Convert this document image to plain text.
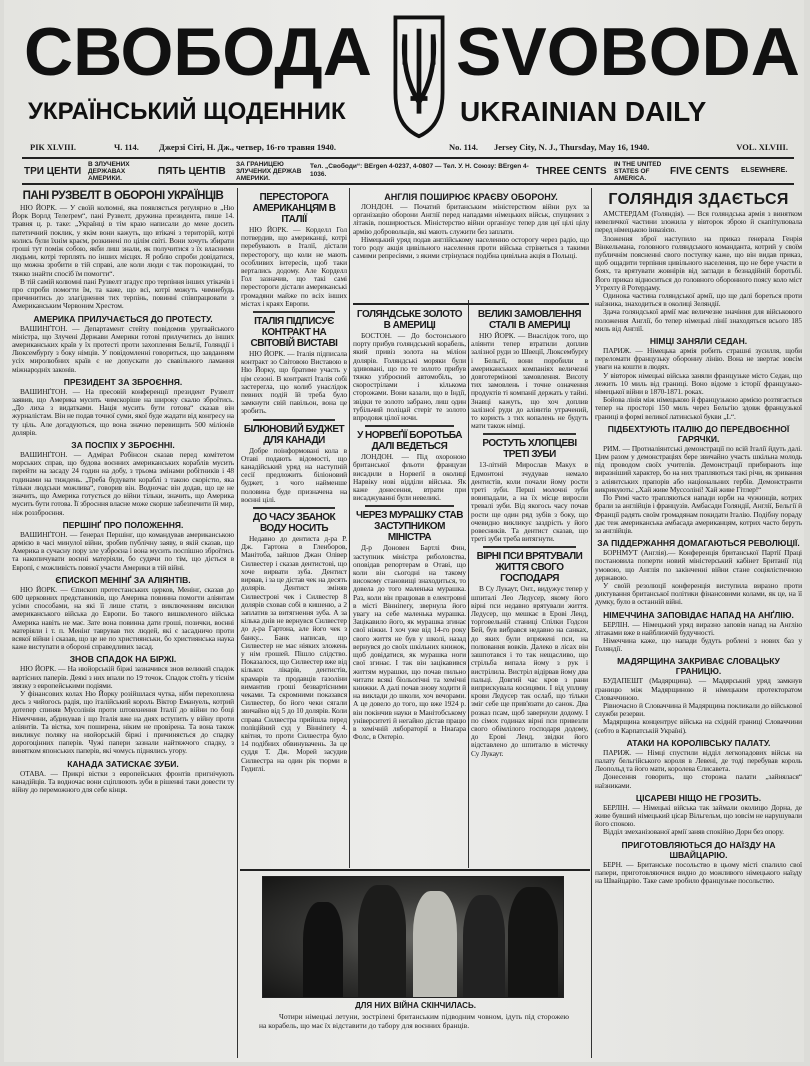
СВОБОДА SVOBODA
УКРАЇНСЬКИЙ ЩОДЕННИК	UKRAINIAN DAILY
РІК XLVIII.	Ч. 114. Джерзі Сіті, Н. Дж., четвер, 16-го травня 1940.	No. 114. Jersey City, N. J., Thursday, May 16, 1940.	VOL. XLVIII.
ТРИ ЦЕНТИ
В ЗЛУЧЕНИХ ДЕРЖАВАХ АМЕРИКИ.
ПЯТЬ ЦЕНТІВ
ЗА ГРАНИЦЕЮ ЗЛУЧЕНИХ ДЕРЖАВ АМЕРИКИ.
Тел. „Свободи“: BErgen 4-0237, 4-0807 — Тел. У. Н. Союзу: BErgen 4-1036.	THREE CENTS
IN THE UNITED STATES OF AMERICA.
FIVE CENTS ELSEWHERE.
ПАНІ РУЗВЕЛТ В ОБОРОНІ УКРАЇНЦІВ

НЮ ЙОРК. — У своїй колюмні, яка появляється реґулярно в „Ню Йорк Ворлд Телеґрем“, пані Рузвелт, дружина президента, пише 14. травня ц. р. таке: „Українці в тім краю написали до мене досить патетичний поклик, у якім вони кажуть, що втікачі з територій, котрі колись були їхнім краєм, розкинені по цілім світі. Вони хочуть збирати гроші тут поміж собою, якби лиш знали, як получитися з їх власними людьми, котрі терплять по інших місцях. Я роблю спроби довідатися, що можна зробити в тій справі, але коли люди є так порозкидані, то тяжко знайти спосіб їм помогти“.

В тій самій колюмні пані Рузвелт згадує про терпіння інших утікачів і про спроби помогти їм, та каже, що всі, котрі можуть чимнебудь причинитись до злагіднення тих терпінь, повинні співпрацювати з Американським Червоним Хрестом.

АМЕРИКА ПРИЛУЧАЄТЬСЯ ДО ПРОТЕСТУ.

ВАШИНҐТОН. — Департамент стейту повідомив уругвайського міністра, що Злучені Держави Америки готові прилучитись до інших американських країв у їх протесті проти захоплення Бельгії, Голяндії і Люксембурґу з боку німців. У повідомленні говориться, що завданням усіх миролюбних країв є не допускати до свавільного ламання міжнародніх законів.

ПРЕЗИДЕНТ ЗА ЗБРОЄННЯ.

ВАШИНҐТОН. — На пресовій конференції президент Рузвелт заявив, що Америка мусить чимскоріше на широку скалю зброїтись. „До лиха з видатками. Нація мусить бути готова“ сказав він журналістам. Він не подав точної суми, якої буде жадати від конґресу на ту ціль. Але догадуються, що вона значно перевищить 500 міліонів долярів.

ЗА ПОСПІХ У ЗБРОЄННІ.

ВАШИНҐТОН. — Адмірал Робінсон сказав перед комітетом морських справ, що будова воєнних американських кораблів мусить перейти на засаду 24 годин на добу, з трьома змінами робітників і 48 годинами на тиждень. „Треба будувати кораблі з такою скорістю, яка тільки людськи можлива“, говорив він. Водночас він додав, що це не значить, що Америка готується до війни тільки, значить, що Америка мусить бути готова. Її збросння власне може скорше забезпечити їй мир, ніж роззброєння.

ПЕРШІНҐ ПРО ПОЛОЖЕННЯ.

ВАШИНҐТОН. — Ґенерал Першінґ, що командував американською армією в часі минулої війни, зробив публічну заяву, в якій сказав, що Америка в сучасну пору зле узброєна і вона мусить поспішно зброїтись та накопичувати воєнні матеріяли, бо судячи по тім, що діється в Европі, є можливість повної участи Америки в тій війні.

ЄПИСКОП МЕНІНҐ ЗА АЛІЯНТІВ.

НЮ ЙОРК. — Єпископ протестанських церков, Менінґ, сказав до 600 церковних представників, що Америка повинна помогти аліянтам усіми способами, на які її лише стати, з виключенням висилки американського війська до Европи. Бо такого вишколеного війська Америка навіть не має. Зате вона повинна дати гроші, позички, воєнні матеріяли і т. п. Менінґ таврував тих людей, які є засадничо проти всякої війни і сказав, що це не по християнськи, бо християнська наука каже виступати в обороні справедливих засад.

ЗНОВ СПАДОК НА БІРЖІ.

НЮ ЙОРК. — На нюйорській біржі зазначився знов великий спадок вартісних паперів. Деякі з них впали по 19 точок. Спадок стоїть у тіснім звязку з европейськими подіями.

У фінансових колах Ню Йорку розійшлася чутка, нібм перехоплена десь з чийогось радія, що італійський король Віктор Емануель, котрий дотепер спиняв Мусолінія проти штовхнення Італії до війни по боці Німеччини, абдикував і що Італія вже на днях вступить у війну проти аліянтів. Та вістка, хоч поширена, ніким не провірена. Та вона також викликує поляку на нюйорській біржі і причиняється до спадку дорогоцінних паперів. Чужі папери зазнали найтяжчого спадку, з винятком японських паперів, які чомусь піднялись угору.

КАНАДА ЗАТИСКАЄ ЗУБИ.

ОТАВА. — Прикрі вістки з европейських фронтів пригнічують канадійців. Та водночас вони сціплюють зуби в рішенні таки довести ту війну до переможного для себе кінця.

ПЕРЕСТОРОГА АМЕРИКАНЦЯМ В ІТАЛІЇ

НЮ ЙОРК. — Корделл Гол потвердив, що американці, котрі перебувають в Італії, дістали пересторогу, що коли не мають особливих інтересів, щоб таки вертались додому. Але Корделл Гол зазначив, що такі самі перестороги дістали американські громадяни майже по всіх інших містах і краях Европи.

ІТАЛІЯ ПІДПИСУЄ КОНТРАКТ НА СВІТОВІЙ ВИСТАВІ

НЮ ЙОРК. — Італія підписала контракт зо Світовою Виставою в Ню Йорку, що братиме участь у цім сезоні. В контракті Італія собі застерегла, що колиб унаслідок певних подій їй треба було замкнути свій павільон, вона це зробить.

БІЛЮНОВИЙ БУДЖЕТ ДЛЯ КАНАДИ

Добре поінформовані кола в Отаві подають відомості, що канадійський уряд на наступній сесії предложить біліоновий буджет, з чого найменше половина буде призначена на воєнні цілі.

ДО ЧАСУ ЗБАНОК ВОДУ НОСИТЬ

Недавно до дентиста д-ра Р. Дж. Гартона в Гленборов, Манітоба, зайшов Джан Олівер Силвестер і сказав дентистові, що хоче вирвати зуба. Дентист вирвав, і за це дістав чек на десять долярів. Дентист зміняв Силвестрові чек і Силвестер 8 долярів сховав собі в кишеню, а 2 заплатив за витягнення зуба. А за кілька днів не вернувся Силвестер до д-ра Гартона, але його чек з банку... Банк написав, що Силвестер не має ніяких зложень у нім грошей. Пішло слідство. Показалося, що Силвестер вже від кількох лікарів, дентистів, крамарів та продавців газоліни вимантив гроші безвартісними чеками. Та скромними показався Силвестер, бо його чеки сягали звичайно від 5 до 10 долярів. Коли справа Силвестра прийшла перед поліційний суд у Вінніпеґу 4. квітня, то проти Силвестра було 14 подібних обвинувачень. За це суддя Т. Дж. Морей засудив Силвестра на один рік тюрми в Гедиглі.

АНГЛІЯ ПОШИРЮЄ КРАЄВУ ОБОРОНУ.

ЛОНДОН. — Початий британським міністерством війни рух за організацію оборони Англії перед нападами німецьких військ, спущених з літаків, поширюється. Міністерство війни організує тепер для цеї цілі цілу армію добровольців, які мають служити без заплати.

Німецький уряд подав англійському населенню осторогу через радіо, що того роду акція цивільного населення проти війська стрінеться з такими самими репресіями, з якими стрінулася подібна цивільна акція в Польщі.

ГОЛЯНДСЬКЕ ЗОЛОТО В АМЕРИЦІ

БОСТОН. — До бостонського порту прибув голяндський корабель, який привіз золота на міліон долярів. Голяндські моряки були здивовані, що по те золото прибув тяжко узброєний автомобіль, зо скорострілами і кількома сторожами. Вони казали, що в Індії, звідки те золото забрано, лиш один тубільчий поліцай стеріг те золото впродовж цілої ночи.

У НОРВЕҐІЇ БОРОТЬБА ДАЛІ ВЕДЕТЬСЯ

ЛОНДОН. — Під охороною британської фльоти французи висадили в Норвеґії в околиці Нарвіку нові відділи війська. Як каже донесення, втрати при висаджуванні були невеликі.

ЧЕРЕЗ МУРАШКУ СТАВ ЗАСТУПНИКОМ МІНІСТРА

Д-р Доновен Бартлі Фин, заступник міністра риболовства, оповідав репортерам в Отаві, що коли він сьогодні на такому високому становищі знаходиться, то довела до того маленька мурашка. Раз, коли він працював в електровні в місті Вінніпеґу, звернула його увагу на себе маленька мурашка. Зацікавило його, як мурашка згинає свої ніжки. І хоч уже від 14-го року свого життя не був у школі, назад вернувся до своїх шкільних книжок, щоб довідатися, як мурашка ноги свої згинає. І так він зацікавився життям мурашки, що почав пильно читати всякі біольоґічні та хемічні книжки. А далі почав знову ходити й на виклади до школи, хоч вечорами. А це довело до того, що вже 1924 р. він покінчив науки в Манітобському університеті й негайно дістав працю в хемічній лябораторії в Ниаґара Фолс, в Онтеріо.

ВЕЛИКІ ЗАМОВЛЕННЯ СТАЛІ В АМЕРИЦІ

НЮ ЙОРК. — Внаслідок того, що аліянти тепер втратили доплив залізної руди зо Швеції, Люксембурґу і Бельгії, вони поробили в американських компаніях величезні довготермінові замовлення. Висоту тих замовлень і точне означення продуктів ті компанії держать у тайні. Знавці кажуть, що хоч доплив залізної руди до аліянтів утрачений, то користь з тих копалень не будуть мати також німці.

РОСТУТЬ ХЛОПЦЕВІ ТРЕТІ ЗУБИ

13-літній Мирослав Макух в Едмонтоні зчудував немало дентистів, коли почали йому рости треті зуби. Перші молочні зуби вовипадали, а на їх місце виросли тревалі зуби. Від якогось часу почав рости ще один ряд зубів з боку, що очевидно викликує заздрість у його ровесників. Та дентист сказав, що треті зуби треба витягнути.

ВІРНІ ПСИ ВРЯТУВАЛИ ЖИТТЯ СВОГО ГОСПОДАРЯ

В Су Лукаут, Онт., видужує тепер у шпиталі Лео Ледусер, якому його вірні пси недавно врятували життя. Ледусер, що мешкає в Ерові Ленд, торговельній станиці Спілки Годсон Бей, був вибрався недавно на санках, до яких були впряжені пси, на полювання вовків. Далеко в лісах він зашпотався і то так нещасливо, що стрільба випала йому з рук і вистрілила. Вистріл відірвав йому два пальці. Довгий час кров з рани виприскувала косицями. І від упливу крови Ледусер так ослаб, що тільки зміг себе ще прив'язати до санок. Два розказ псам, щоб завернули додому. І по сімох годинах вірні пси привезли свого обімлілого господаря додому, до Ерові Ленд, звідки його відставлено до шпиталю в містечку Су Лукаут.

ГОЛЯНДІЯ ЗДАЄТЬСЯ

АМСТЕРДАМ (Голяндія). — Вся голяндська армія з винятком невеличкої частини зложила у вівторок зброю й скапітулювала перед німецькою інвазією.

Зложення зброї наступило на приказ ґенерала Генрія Вінкельмана, головного голяндського команданта, котрий у своїм публичнім поясненні свого поступку каже, що він видав приказ, щоб ощадити терпіння цивільного населення, що не бере участи в боях, та врятувати жовнірів від заглади в безнадійній боротьбі. Його приказ відноситься до головного оборонного поясу коло міст Утрехту й Ротердаму.

Одинока частина голяндської армії, що ще далі бореться проти наїзника, знаходиться в околиці Зеляндії.

Здача голяндської армії має величезне значіння для військового положення Англії, бо тепер німецькі лінії знаходяться всього 185 миль від Англії.

НІМЦІ ЗАНЯЛИ СЕДАН.

ПАРИЖ. — Німецька армія робить страшні зусилля, щоби переломати французьку оборонну лінію. Вона не звертає зовсім уваги на кошти в людях.

У вівторок німецькі війська заняли французьке місто Седан, що лежить 10 миль від границі. Воно відоме з історії французько-німецької війни в 1870-1871. роках.

Бойова лінія між німецькою й французькою армією розтягається тепер на просторі 150 миль через Бельгію здовж французької границі в формі великої латинської букви „L“.

ПІДБЕХТУЮТЬ ІТАЛІЮ ДО ПЕРЕДВОЄННОЇ ГАРЯЧКИ.

РИМ. — Протиаліянтські демонстрації по всій Італії йдуть далі. Цим разом у демонстраціях бере звичайно участь шкільна молодь під проводом своїх учителів. Демонстрації прибирають іще виразніший характер, бо на них трапляються такі річи, як зривання з аліянтських прапорів або національних гербів. Демонстранти викрикують: „Хай живе Муссоліні! Хай живе Гітлер!“

По Римі часто трапляються напади юрби на чужинців, котрих брали за англійців і французів. Амбасади Голяндії, Англії, Бельгії й Франції радять своїм громадянам покидати Італію. Подібну пораду дає теж американська амбасада американцям, котрих часто беруть за англійців.

ЗА ПІДДЕРЖАННЯ ДОМАГАЮТЬСЯ РЕВОЛЮЦІЇ.

БОРНМУТ (Англія).— Конференція британської Партії Праці постановила поперти новий міністерський кабінет Британії під умовою, що Англія по закінченні війни стане соціялістичною державою.

У своїй резолюції конференція виступила виразно проти диктування британської політики фінансовими колами, як це, на її думку, було в останній війні.

НІМЕЧЧИНА ЗАПОВІДАЄ НАПАД НА АНҐЛІЮ.

БЕРЛІН. — Німецький уряд виразно заповів напад на Англію літаками вже в найближчій будучності.

Німеччина каже, що напади будуть роблені з нових баз у Голяндії.

МАДЯРЩИНА ЗАКРИВАЄ СЛОВАЦЬКУ ГРАНИЦЮ.

БУДАПЕШТ (Мадярщина). — Мадярський уряд замкнув границю між Мадярщиною й німецьким протекторатом Словаччиною.

Рівночасно й Словаччина й Мадярщина покликали до військової служби резерви.

Мадярщина концентрує війська на східній границі Словаччини (себто в Карпатській Україні).

АТАКИ НА КОРОЛІВСЬКУ ПАЛАТУ.

ПАРИЖ. — Німці спустили відділ легкопадових військ на палату бельгійського короля в Левені, де тоді перебував король Леопольд та його мати, королева Єлисавета.

Донесення говорить, що сторожа палати „зайнялася“ наїзниками.

ЦІСАРЕВІ НІЩО НЕ ГРОЗИТЬ.

БЕРЛІН. — Німецькі війська так займали околицю Дорна, де живе бувший німецький цісар Вільгельм, що зовсім не нарушували його спокою.

Відділ змеханізованої армії заняв спокійно Дорн без опору.

ПРИГОТОВЛЯЮТЬСЯ ДО НАЇЗДУ НА ШВАЙЦАРІЮ.

БЕРН. — Британське посольство в цьому місті спалило свої папери, приготовляючися видно до можливого німецького наїзду на Швайцарію. Таке саме зробило французьке посольство.

ДЛЯ НИХ ВІЙНА СКІНЧИЛАСЬ.
Чотири німецькі летуни, зострілені британським підводним човном, ідуть під сторожею на корабель, що має їх відставити до табору для воєнних бранців.
